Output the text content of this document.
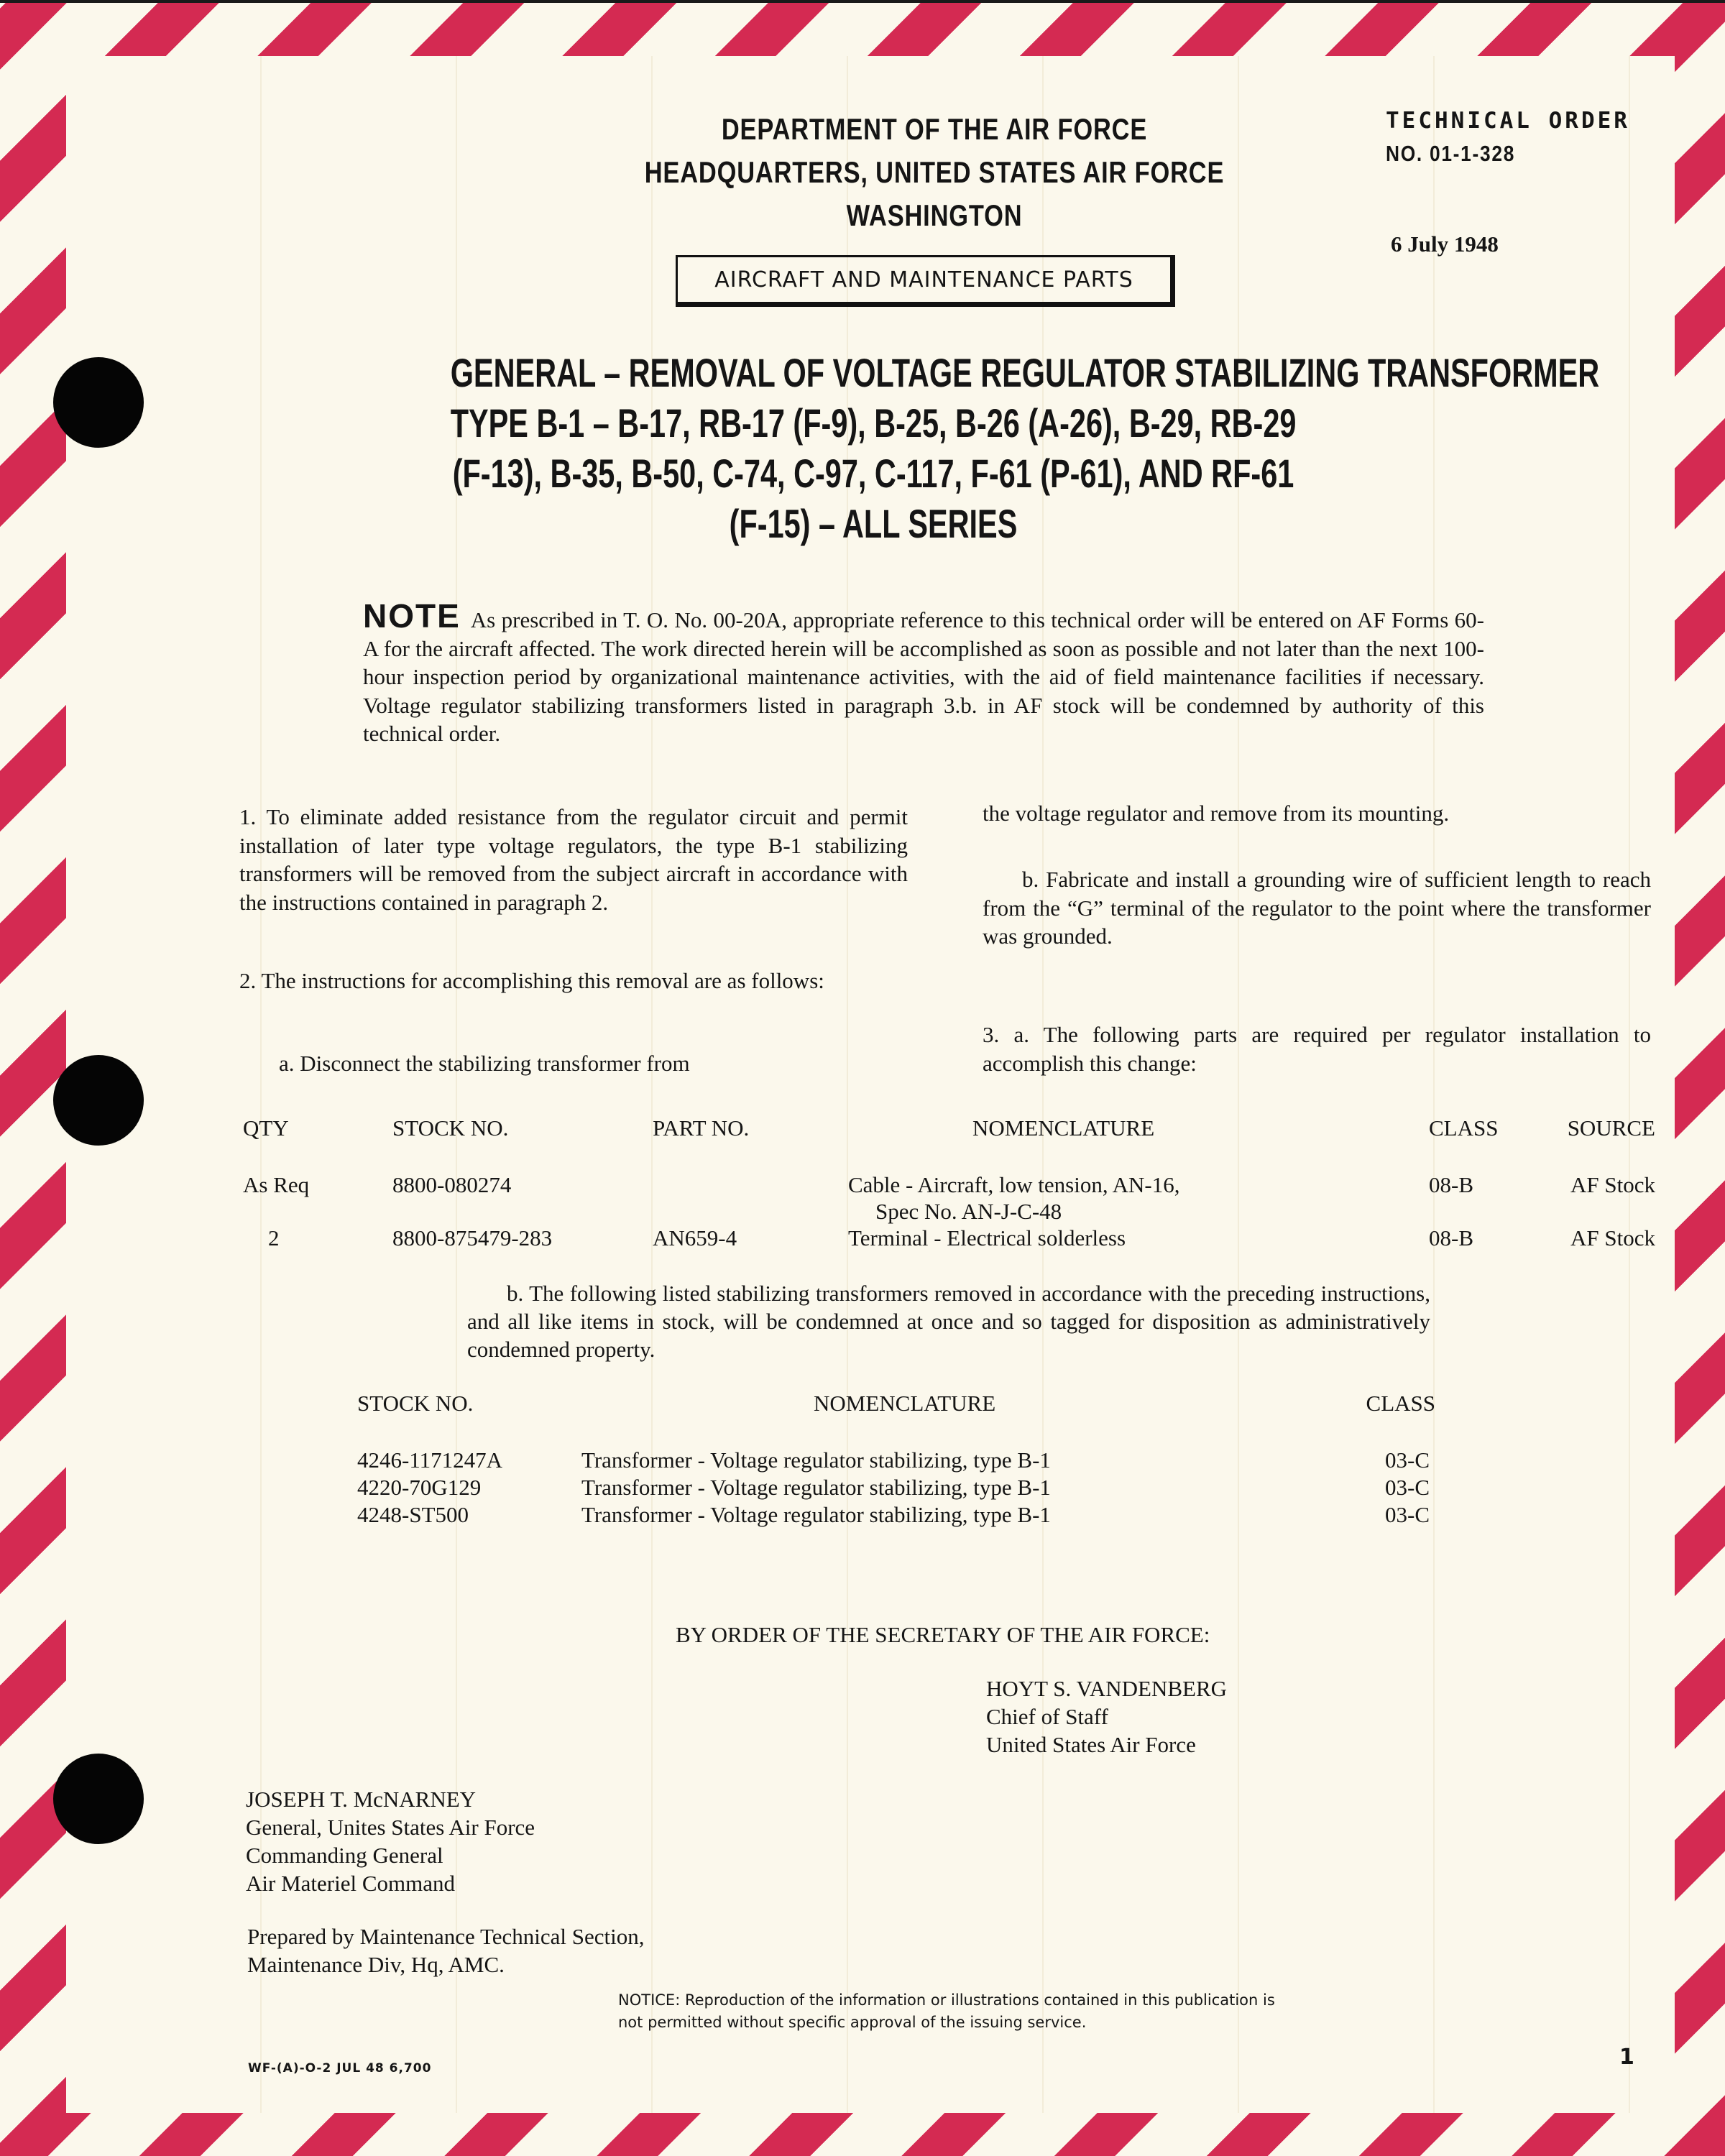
DEPARTMENT OF THE AIR FORCE
HEADQUARTERS, UNITED STATES AIR FORCE
WASHINGTON
TECHNICAL ORDER
NO. 01-1-328
6 July 1948
AIRCRAFT AND MAINTENANCE PARTS
GENERAL – REMOVAL OF VOLTAGE REGULATOR STABILIZING TRANSFORMER
TYPE B-1 – B-17, RB-17 (F-9), B-25, B-26 (A-26), B-29, RB-29
(F-13), B-35, B-50, C-74, C-97, C-117, F-61 (P-61), AND RF-61
(F-15) – ALL SERIES
NOTE As prescribed in T. O. No. 00-20A, appropriate reference to this technical order will be entered on AF Forms 60-A for the aircraft affected. The work directed herein will be accomplished as soon as possible and not later than the next 100-hour inspection period by organizational maintenance activities, with the aid of field maintenance facilities if necessary. Voltage regulator stabilizing transformers listed in paragraph 3.b. in AF stock will be condemned by authority of this technical order.
1. To eliminate added resistance from the regulator circuit and permit installation of later type voltage regulators, the type B-1 stabilizing transformers will be removed from the subject aircraft in accordance with the instructions contained in paragraph 2.
2. The instructions for accomplishing this removal are as follows:
a. Disconnect the stabilizing transformer from
the voltage regulator and remove from its mounting.
b. Fabricate and install a grounding wire of sufficient length to reach from the “G” terminal of the regulator to the point where the transformer was grounded.
3. a. The following parts are required per regulator installation to accomplish this change:
QTY	STOCK NO.	PART NO.	NOMENCLATURE	CLASS	SOURCE
As Req	8800-080274		Cable - Aircraft, low tension, AN-16,
Spec No. AN-J-C-48	08-B	AF Stock
2	8800-875479-283	AN659-4	Terminal - Electrical solderless	08-B	AF Stock
b. The following listed stabilizing transformers removed in accordance with the preceding instructions, and all like items in stock, will be condemned at once and so tagged for disposition as administratively condemned property.
STOCK NO.	NOMENCLATURE	CLASS
4246-1171247A	Transformer - Voltage regulator stabilizing, type B-1	03-C
4220-70G129	Transformer - Voltage regulator stabilizing, type B-1	03-C
4248-ST500	Transformer - Voltage regulator stabilizing, type B-1	03-C
BY ORDER OF THE SECRETARY OF THE AIR FORCE:
HOYT S. VANDENBERG
Chief of Staff
United States Air Force
JOSEPH T. McNARNEY
General, Unites States Air Force
Commanding General
Air Materiel Command
Prepared by Maintenance Technical Section,
Maintenance Div, Hq, AMC.
NOTICE: Reproduction of the information or illustrations contained in this publication is not permitted without specific approval of the issuing service.
WF-(A)-O-2 JUL 48 6,700	1
